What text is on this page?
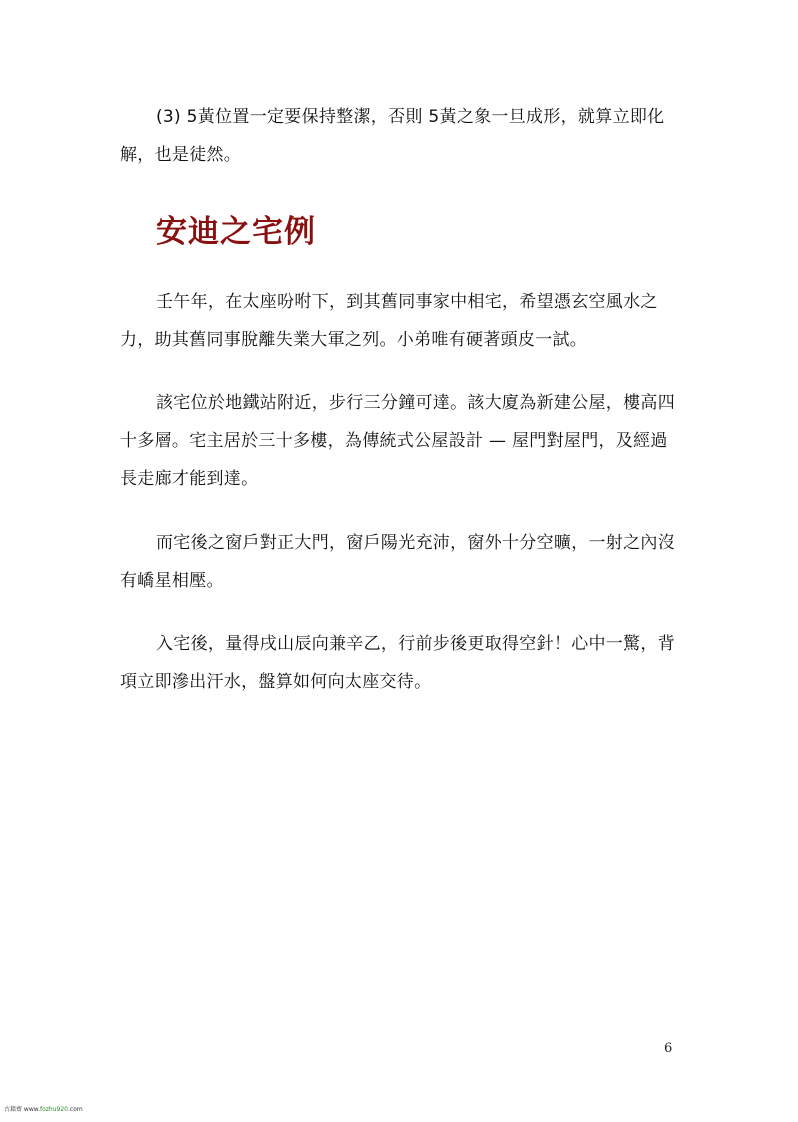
(3) 5黃位置一定要保持整潔，否則 5黃之象一旦成形，就算立即化解，也是徒然。

安迪之宅例

壬午年，在太座吩咐下，到其舊同事家中相宅，希望憑玄空風水之力，助其舊同事脫離失業大軍之列。小弟唯有硬著頭皮一試。

該宅位於地鐵站附近，步行三分鐘可達。該大廈為新建公屋，樓高四十多層。宅主居於三十多樓，為傳統式公屋設計 — 屋門對屋門，及經過長走廊才能到達。

而宅後之窗戶對正大門，窗戶陽光充沛，窗外十分空曠，一射之內沒有嶠星相壓。

入宅後，量得戌山辰向兼辛乙，行前步後更取得空針！心中一驚，背項立即滲出汗水，盤算如何向太座交待。

6
古籍齋 www.fozhu920.com
